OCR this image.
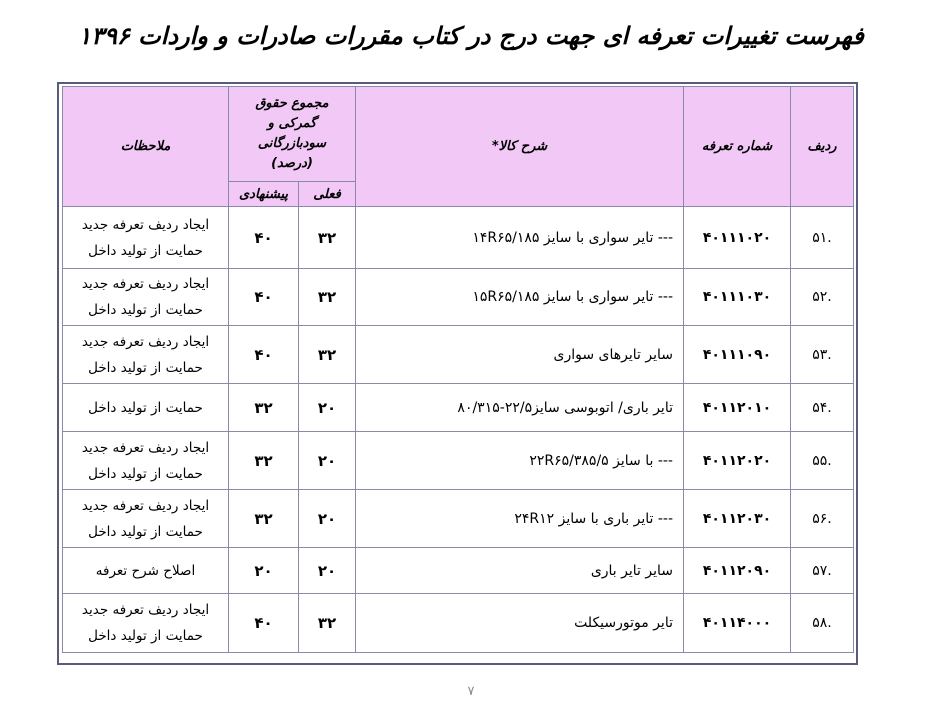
فهرست تغییرات تعرفه ای جهت درج در کتاب مقررات صادرات و واردات ۱۳۹۶
ردیف	شماره تعرفه	شرح کالا*	مجموع حقوق گمرکی و سودبازرگانی (درصد)		ملاحظات
			فعلی	پیشنهادی	
.۵۱	۴۰۱۱۱۰۲۰	--- تایر سواری با سایز ۱۴R۶۵/۱۸۵	۳۲	۴۰	ایجاد ردیف تعرفه جدید
حمایت از تولید داخل

.۵۲	۴۰۱۱۱۰۳۰	--- تایر سواری با سایز ۱۵R۶۵/۱۸۵	۳۲	۴۰	ایجاد ردیف تعرفه جدید
حمایت از تولید داخل

.۵۳	۴۰۱۱۱۰۹۰	سایر تایرهای سواری	۳۲	۴۰	ایجاد ردیف تعرفه جدید
حمایت از تولید داخل

.۵۴	۴۰۱۱۲۰۱۰	تایر باری/ اتوبوسی سایز۲۲/۵-۸۰/۳۱۵	۲۰	۳۲	حمایت از تولید داخل

.۵۵	۴۰۱۱۲۰۲۰	--- با سایز ۲۲R۶۵/۳۸۵/۵	۲۰	۳۲	ایجاد ردیف تعرفه جدید
حمایت از تولید داخل

.۵۶	۴۰۱۱۲۰۳۰	--- تایر باری با سایز ۲۴R۱۲	۲۰	۳۲	ایجاد ردیف تعرفه جدید
حمایت از تولید داخل

.۵۷	۴۰۱۱۲۰۹۰	سایر تایر باری	۲۰	۲۰	اصلاح شرح تعرفه

.۵۸	۴۰۱۱۴۰۰۰	تایر موتورسیکلت	۳۲	۴۰	ایجاد ردیف تعرفه جدید
حمایت از تولید داخل
۷
